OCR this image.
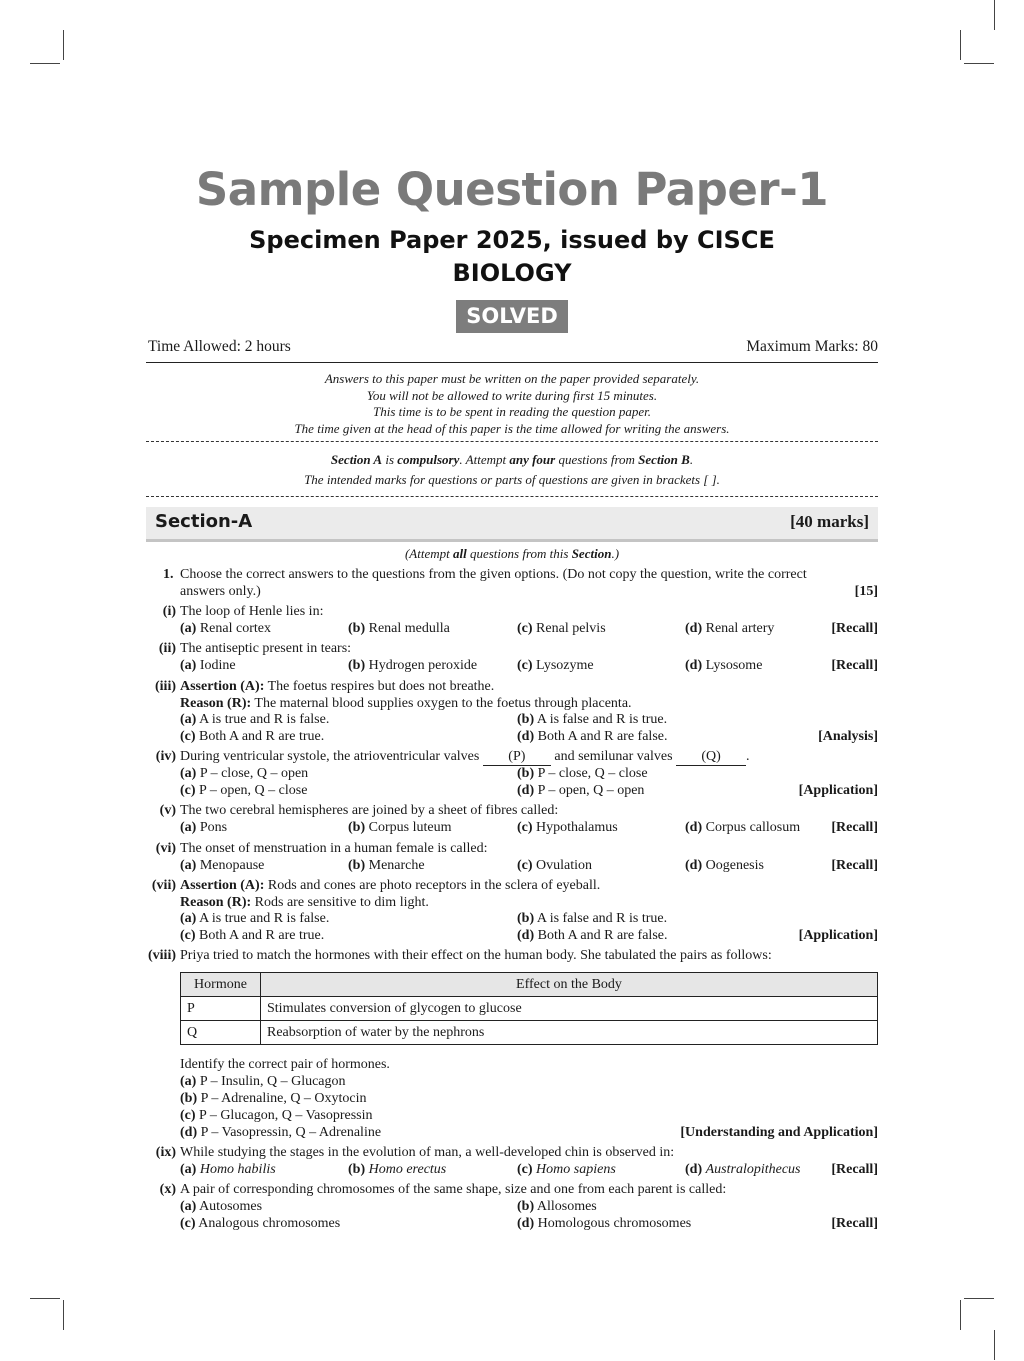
Sample Question Paper-1
Specimen Paper 2025, issued by CISCE
BIOLOGY
SOLVED
Time Allowed: 2 hours	Maximum Marks: 80
Answers to this paper must be written on the paper provided separately.
You will not be allowed to write during first 15 minutes.
This time is to be spent in reading the question paper.
The time given at the head of this paper is the time allowed for writing the answers.
Section A is compulsory. Attempt any four questions from Section B.
The intended marks for questions or parts of questions are given in brackets [ ].
Section-A	[40 marks]
(Attempt all questions from this Section.)
1. Choose the correct answers to the questions from the given options. (Do not copy the question, write the correct
answers only.)	[15]
(i) The loop of Henle lies in:
(a) Renal cortex	(b) Renal medulla	(c) Renal pelvis	(d) Renal artery	[Recall]
(ii) The antiseptic present in tears:
(a) Iodine	(b) Hydrogen peroxide	(c) Lysozyme	(d) Lysosome	[Recall]
(iii) Assertion (A): The foetus respires but does not breathe.
Reason (R): The maternal blood supplies oxygen to the foetus through placenta.
(a) A is true and R is false.	(b) A is false and R is true.
(c) Both A and R are true.	(d) Both A and R are false.	[Analysis]
(iv) During ventricular systole, the atrioventricular valves (P) and semilunar valves (Q) .
(a) P – close, Q – open	(b) P – close, Q – close
(c) P – open, Q – close	(d) P – open, Q – open	[Application]
(v) The two cerebral hemispheres are joined by a sheet of fibres called:
(a) Pons	(b) Corpus luteum	(c) Hypothalamus	(d) Corpus callosum [Recall]
(vi) The onset of menstruation in a human female is called:
(a) Menopause	(b) Menarche	(c) Ovulation	(d) Oogenesis	[Recall]
(vii) Assertion (A): Rods and cones are photo receptors in the sclera of eyeball.
Reason (R): Rods are sensitive to dim light.
(a) A is true and R is false.	(b) A is false and R is true.
(c) Both A and R are true.	(d) Both A and R are false.	[Application]
(viii) Priya tried to match the hormones with their effect on the human body. She tabulated the pairs as follows:
Hormone	Effect on the Body
P	Stimulates conversion of glycogen to glucose
Q	Reabsorption of water by the nephrons
Identify the correct pair of hormones.
(a) P – Insulin, Q – Glucagon
(b) P – Adrenaline, Q – Oxytocin
(c) P – Glucagon, Q – Vasopressin
(d) P – Vasopressin, Q – Adrenaline	[Understanding and Application]
(ix) While studying the stages in the evolution of man, a well-developed chin is observed in:
(a) Homo habilis	(b) Homo erectus	(c) Homo sapiens	(d) Australopithecus [Recall]
(x) A pair of corresponding chromosomes of the same shape, size and one from each parent is called:
(a) Autosomes	(b) Allosomes
(c) Analogous chromosomes	(d) Homologous chromosomes	[Recall]
